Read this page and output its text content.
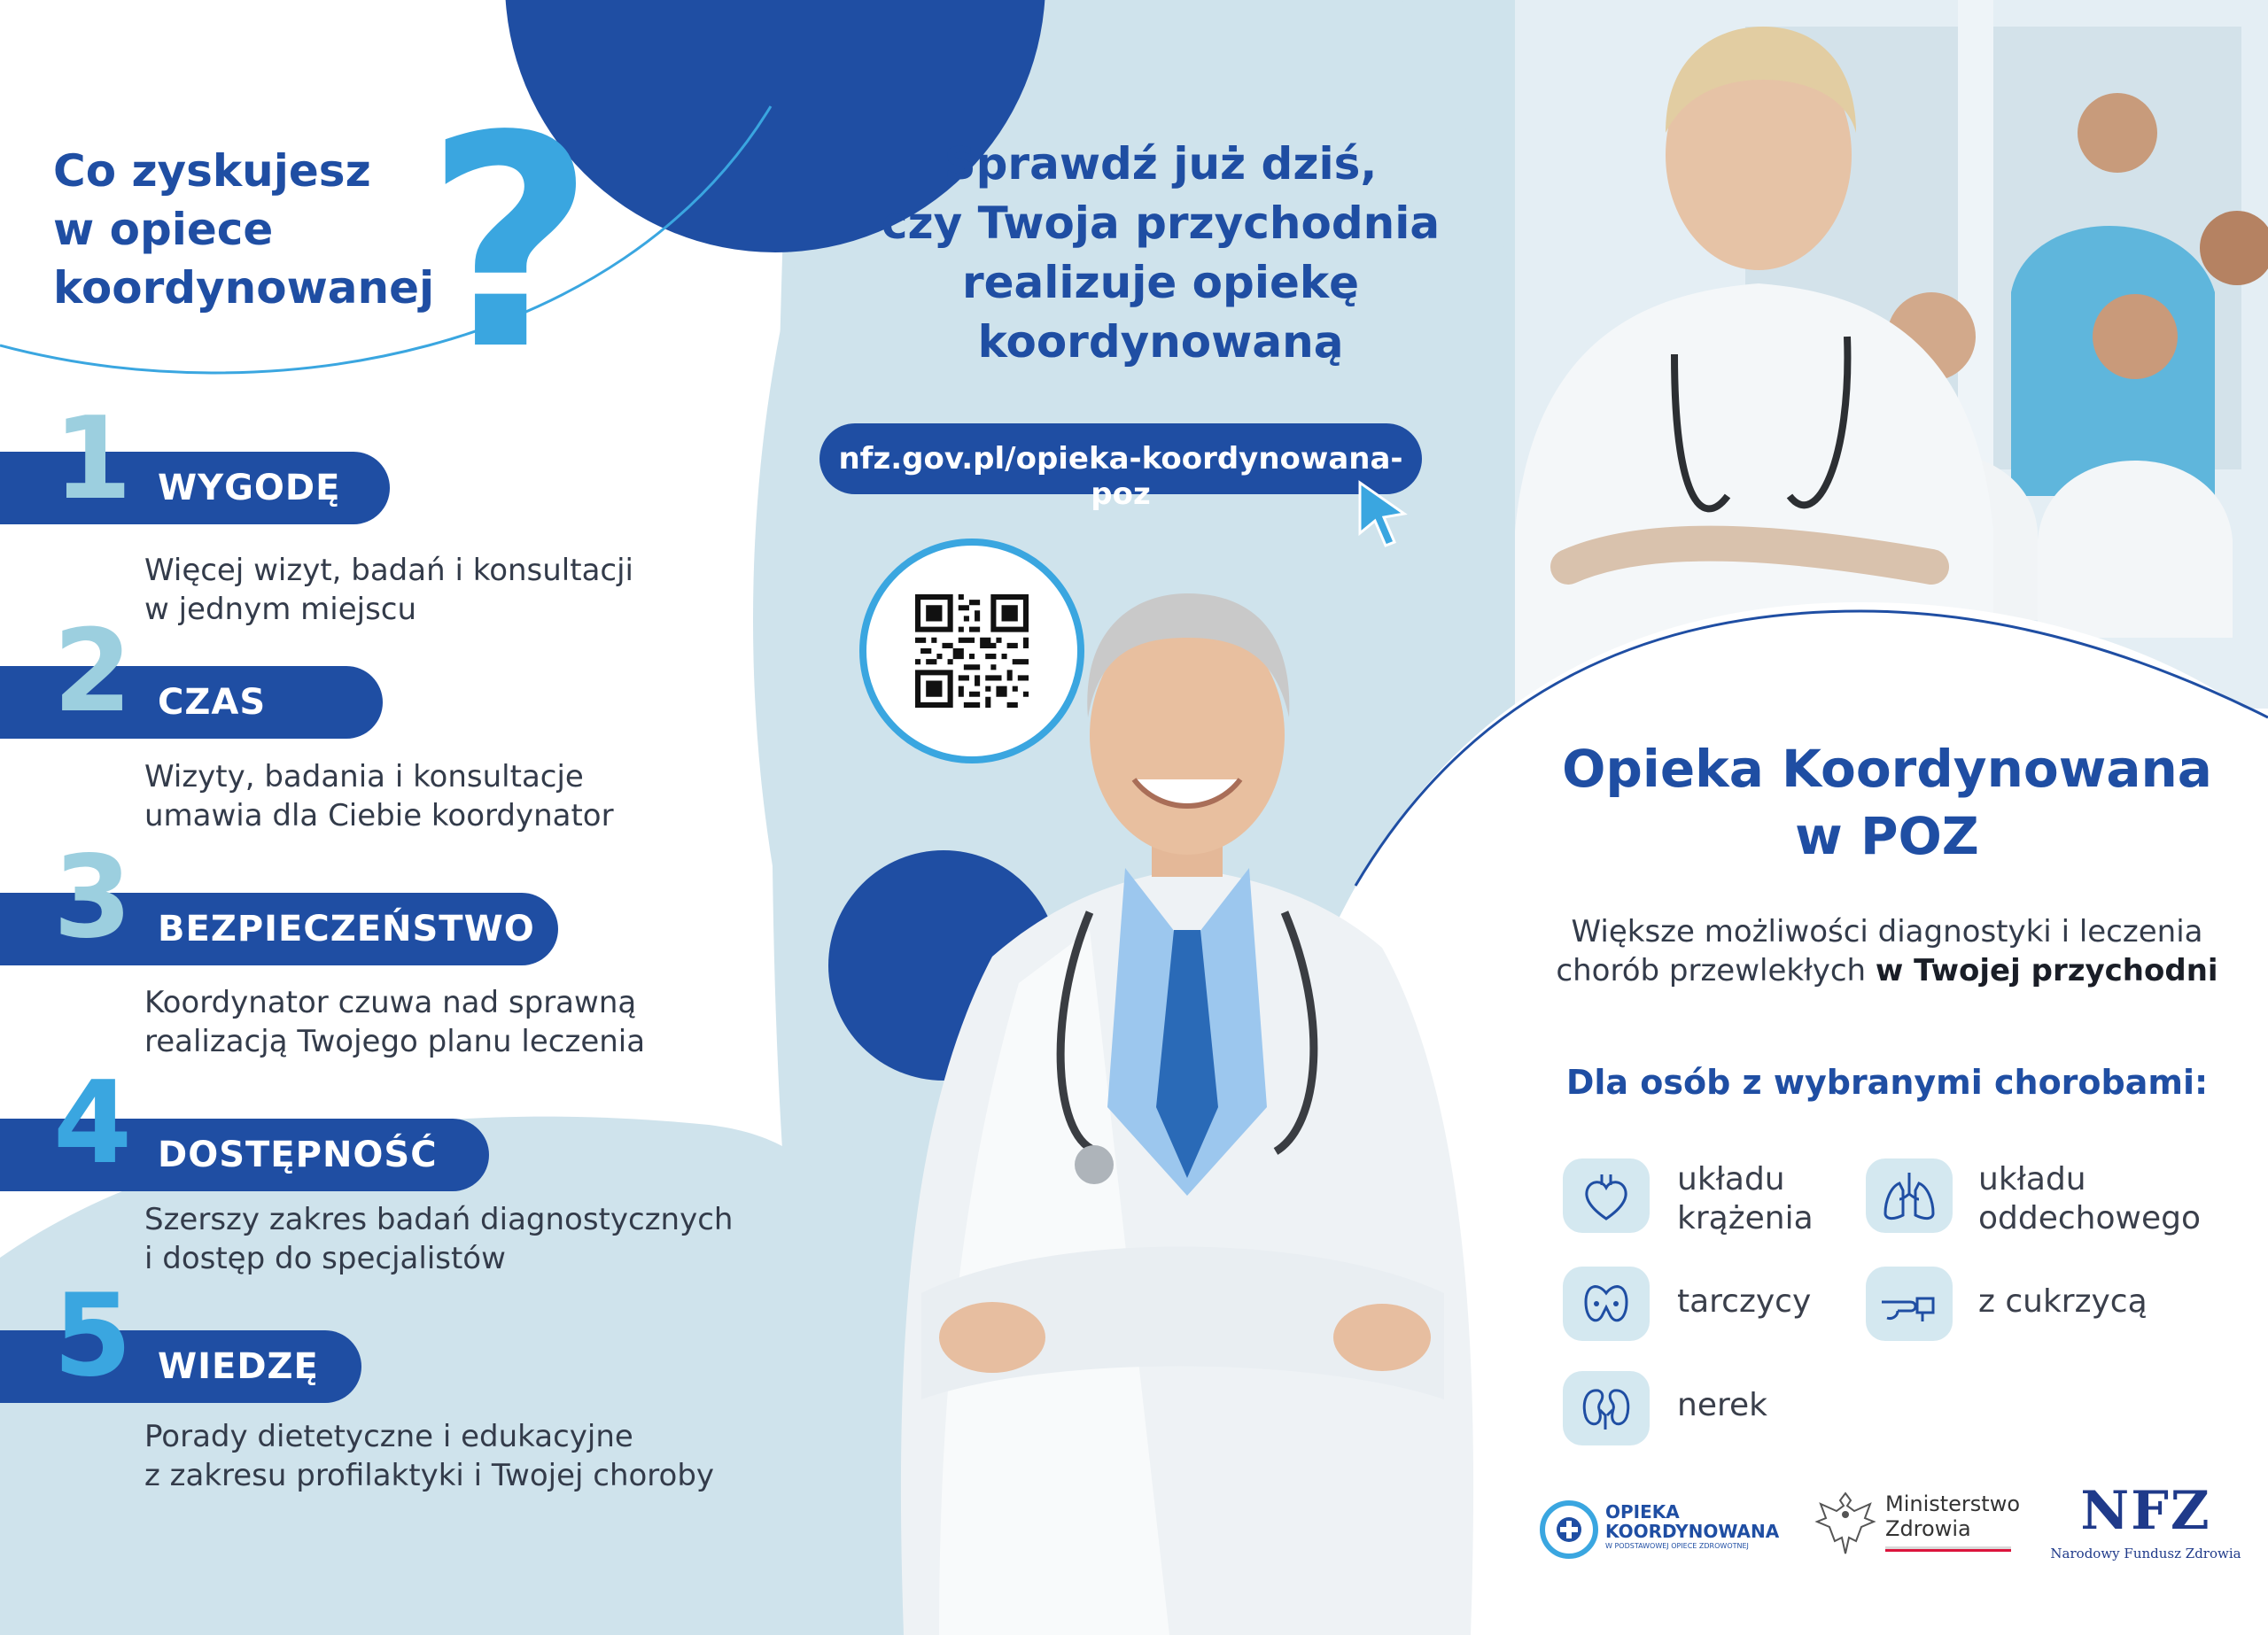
Co zyskujesz
w opiece
koordynowanej
?
WYGODĘ
1
Więcej wizyt, badań i konsultacji
w jednym miejscu
CZAS
2
Wizyty, badania i konsultacje
umawia dla Ciebie koordynator
BEZPIECZEŃSTWO
3
Koordynator czuwa nad sprawną
realizacją Twojego planu leczenia
DOSTĘPNOŚĆ
4
Szerszy zakres badań diagnostycznych
i dostęp do specjalistów
WIEDZĘ
5
Porady dietetyczne i edukacyjne
z zakresu profilaktyki i Twojej choroby
Sprawdź już dziś,
czy Twoja przychodnia
realizuje opiekę
koordynowaną
nfz.gov.pl/opieka-koordynowana-poz
Opieka Koordynowana
w POZ
Większe możliwości diagnostyki i leczenia
chorób przewlekłych w Twojej przychodni
Dla osób z wybranymi chorobami:
układu
krążenia
układu
oddechowego
tarczycy	z cukrzycą
nerek
OPIEKA
KOORDYNOWANA
W PODSTAWOWEJ OPIECE ZDROWOTNEJ
Ministerstwo
Zdrowia	NFZ
Narodowy Fundusz Zdrowia
